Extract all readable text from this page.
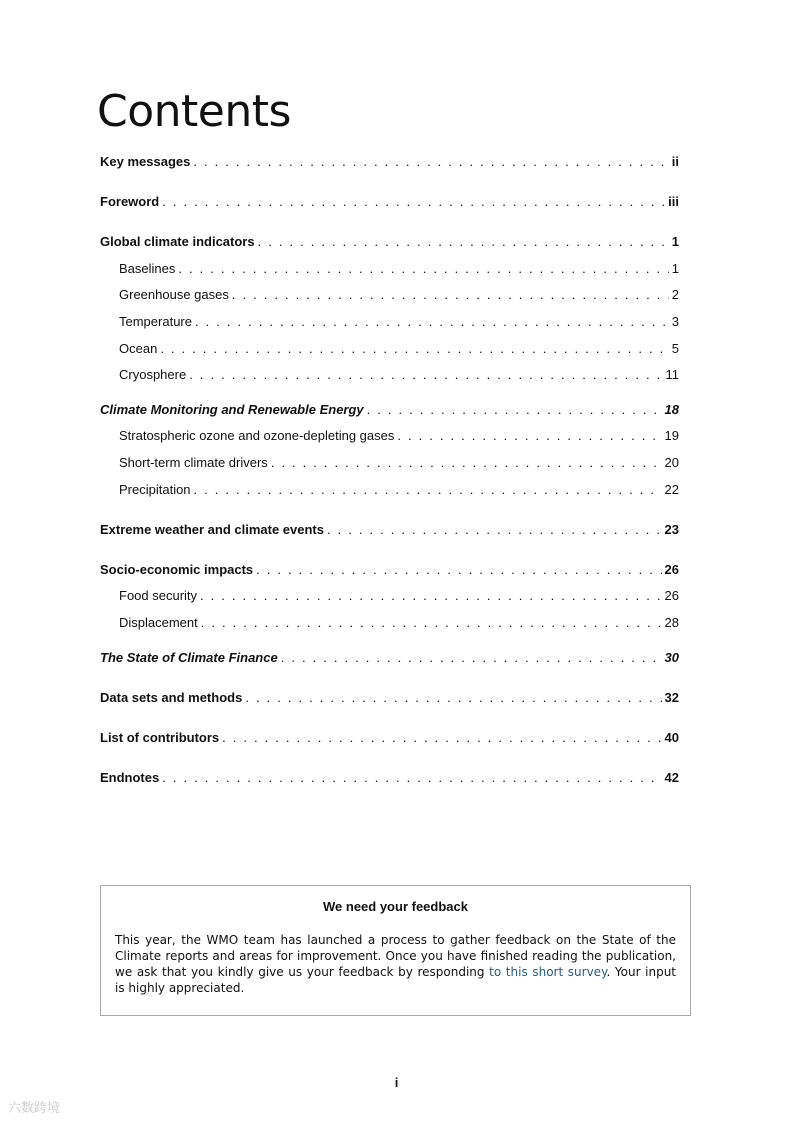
Contents
Key messages . . .	ii
Foreword . . .	iii
Global climate indicators . . .	1
Baselines . . .	1
Greenhouse gases . . .	2
Temperature . . .	3
Ocean . . .	5
Cryosphere . . .	11
Climate Monitoring and Renewable Energy . . .	18
Stratospheric ozone and ozone-depleting gases . . .	19
Short-term climate drivers . . .	20
Precipitation . . .	22
Extreme weather and climate events . . .	23
Socio-economic impacts . . .	26
Food security . . .	26
Displacement . . .	28
The State of Climate Finance . . .	30
Data sets and methods . . .	32
List of contributors . . .	40
Endnotes . . .	42

We need your feedback

This year, the WMO team has launched a process to gather feedback on the State of the Climate reports and areas for improvement. Once you have finished reading the publication, we ask that you kindly give us your feedback by responding to this short survey. Your input is highly appreciated.

i
六数跨境
